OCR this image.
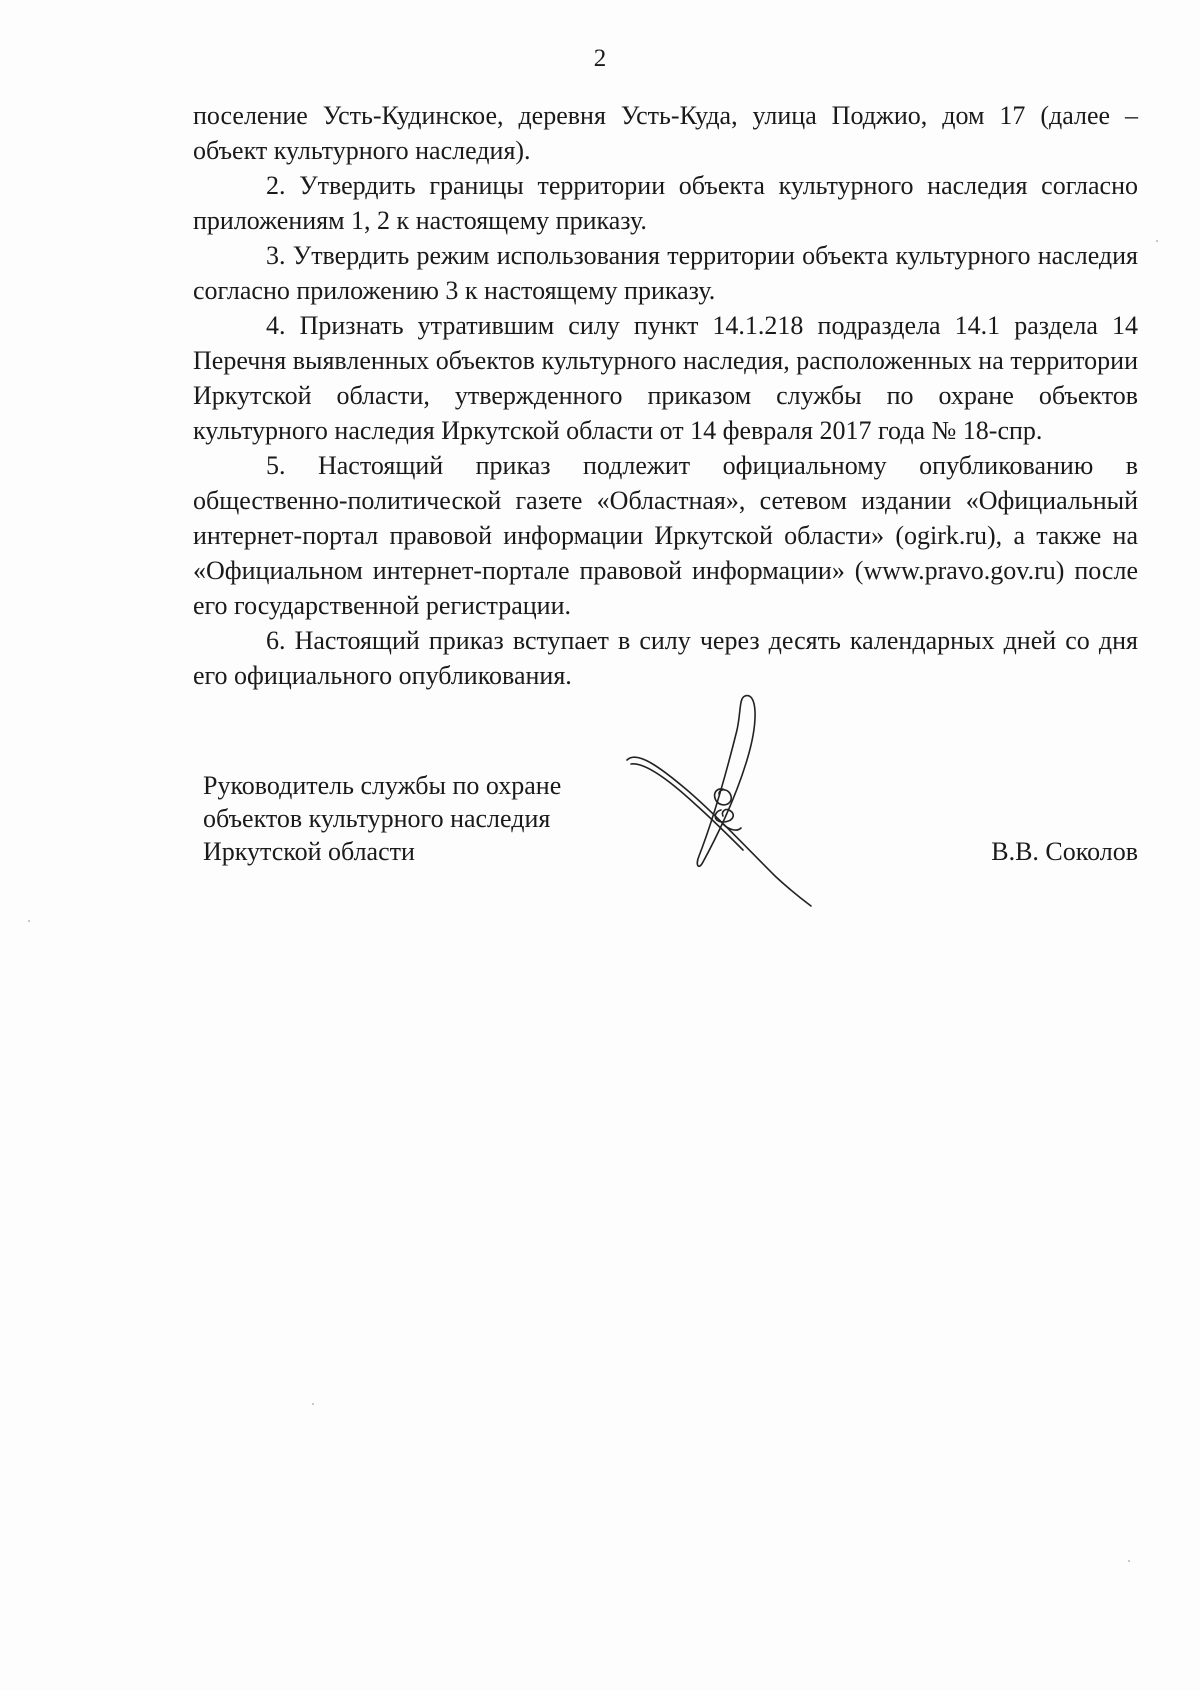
2

поселение Усть-Кудинское, деревня Усть-Куда, улица Поджио, дом 17 (далее – объект культурного наследия).

2. Утвердить границы территории объекта культурного наследия согласно приложениям 1, 2 к настоящему приказу.

3. Утвердить режим использования территории объекта культурного наследия согласно приложению 3 к настоящему приказу.

4. Признать утратившим силу пункт 14.1.218 подраздела 14.1 раздела 14 Перечня выявленных объектов культурного наследия, расположенных на территории Иркутской области, утвержденного приказом службы по охране объектов культурного наследия Иркутской области от 14 февраля 2017 года № 18-спр.

5. Настоящий приказ подлежит официальному опубликованию в общественно-политической газете «Областная», сетевом издании «Официальный интернет-портал правовой информации Иркутской области» (ogirk.ru), а также на «Официальном интернет-портале правовой информации» (www.pravo.gov.ru) после его государственной регистрации.

6. Настоящий приказ вступает в силу через десять календарных дней со дня его официального опубликования.

Руководитель службы по охране
объектов культурного наследия
Иркутской области	В.В. Соколов
